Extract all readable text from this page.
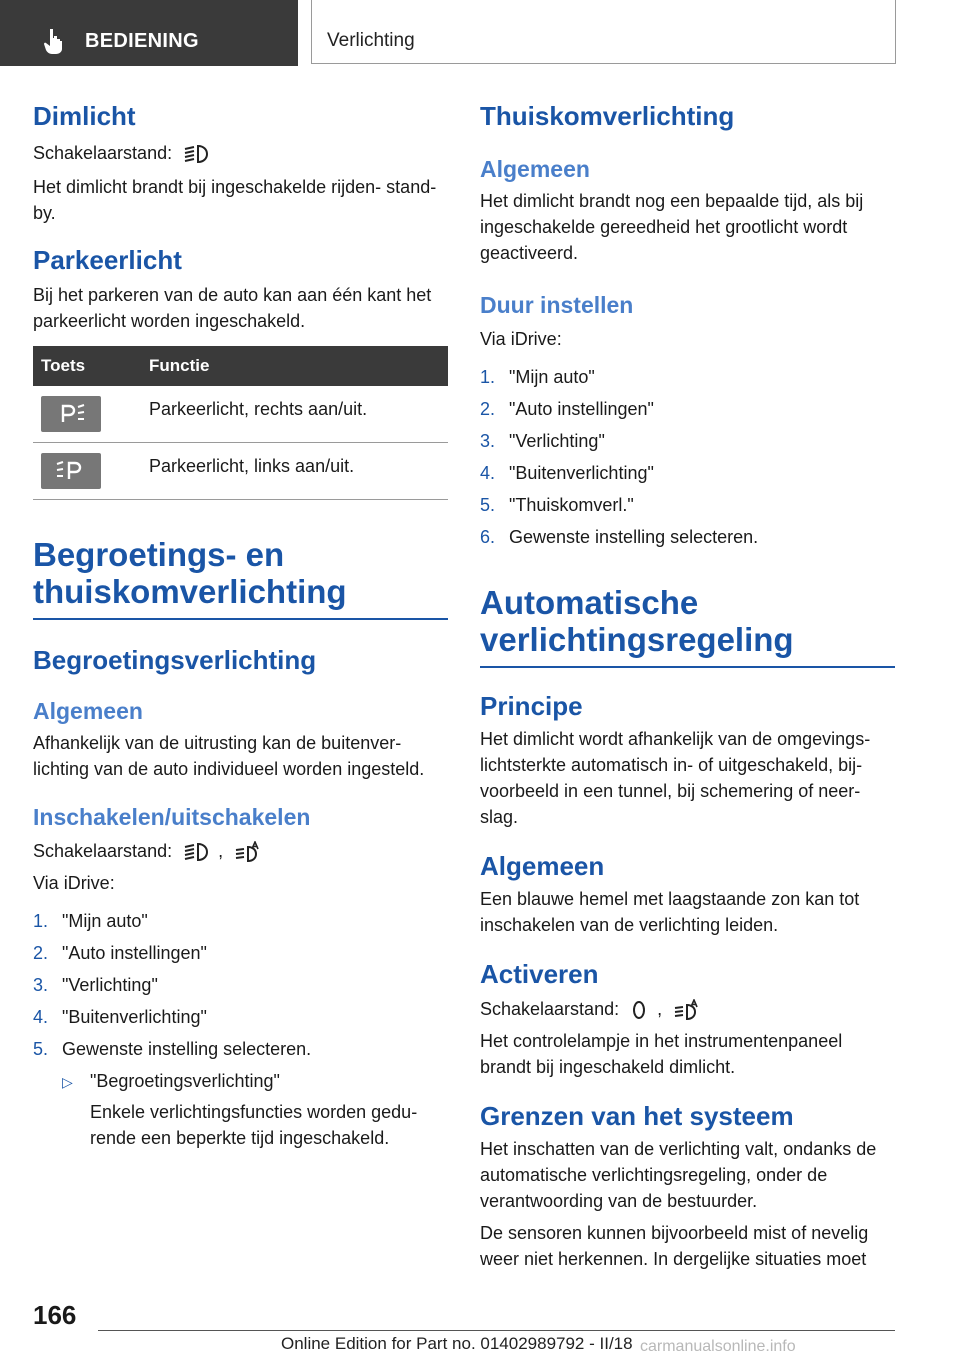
BEDIENING	Verlichting
Dimlicht

Schakelaarstand:

Het dimlicht brandt bij ingeschakelde rijden- stand-by.

Parkeerlicht

Bij het parkeren van de auto kan aan één kant het parkeerlicht worden ingeschakeld.

Toets	Functie

	Parkeerlicht, rechts aan/uit.

	Parkeerlicht, links aan/uit.
Begroetings- en
thuiskomverlichting
Begroetingsverlichting
Algemeen

Afhankelijk van de uitrusting kan de buitenver- lichting van de auto individueel worden ingesteld.

Inschakelen/uitschakelen

Schakelaarstand:	,

Via iDrive:

1. "Mijn auto"
2. "Auto instellingen"
3. "Verlichting"
4. "Buitenverlichting"
5. Gewenste instelling selecteren.

▷ "Begroetingsverlichting"

Enkele verlichtingsfuncties worden gedu- rende een beperkte tijd ingeschakeld.

Thuiskomverlichting
Algemeen

Het dimlicht brandt nog een bepaalde tijd, als bij ingeschakelde gereedheid het grootlicht wordt geactiveerd.

Duur instellen

Via iDrive:

1. "Mijn auto"
2. "Auto instellingen"
3. "Verlichting"
4. "Buitenverlichting"
5. "Thuiskomverl."
6. Gewenste instelling selecteren.
Automatische
verlichtingsregeling
Principe

Het dimlicht wordt afhankelijk van de omgevings- lichtsterkte automatisch in- of uitgeschakeld, bij- voorbeeld in een tunnel, bij schemering of neer- slag.

Algemeen

Een blauwe hemel met laagstaande zon kan tot inschakelen van de verlichting leiden.

Activeren

Schakelaarstand: ,

Het controlelampje in het instrumentenpaneel brandt bij ingeschakeld dimlicht.

Grenzen van het systeem

Het inschatten van de verlichting valt, ondanks de automatische verlichtingsregeling, onder de verantwoording van de bestuurder.

De sensoren kunnen bijvoorbeeld mist of nevelig weer niet herkennen. In dergelijke situaties moet

166
Online Edition for Part no. 01402989792 - II/18 carmanualsonline.info
